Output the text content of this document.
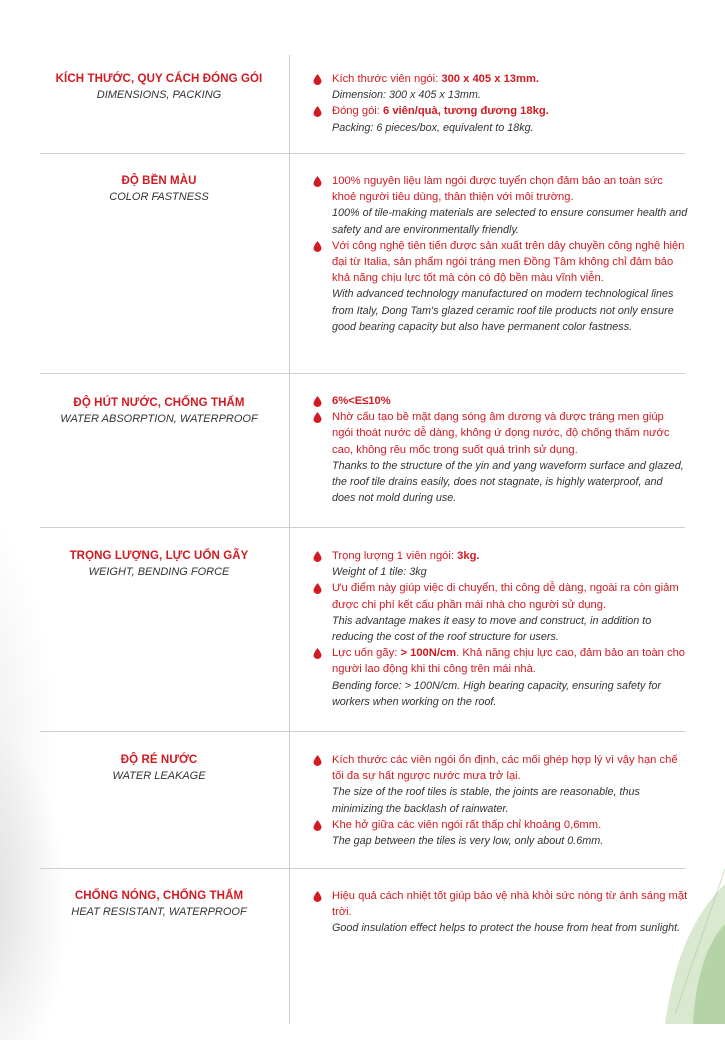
KÍCH THƯỚC, QUY CÁCH ĐÓNG GÓI
DIMENSIONS, PACKING

Kích thước viên ngói: 300 x 405 x 13mm.

Dimension: 300 x 405 x 13mm.

Đóng gói: 6 viên/quà, tương đương 18kg.

Packing: 6 pieces/box, equivalent to 18kg.

ĐỘ BỀN MÀU
COLOR FASTNESS

100% nguyên liệu làm ngói được tuyển chọn đảm bảo an toàn sức khoẻ người tiêu dùng, thân thiện với môi trường.

100% of tile-making materials are selected to ensure consumer health and safety and are environmentally friendly.

Với công nghệ tiên tiến được sản xuất trên dây chuyền công nghệ hiện đại từ Italia, sản phẩm ngói tráng men Đồng Tâm không chỉ đảm bảo khả năng chịu lực tốt mà còn có độ bền màu vĩnh viễn.

With advanced technology manufactured on modern technological lines from Italy, Dong Tam's glazed ceramic roof tile products not only ensure good bearing capacity but also have permanent color fastness.

ĐỘ HÚT NƯỚC, CHỐNG THẤM
WATER ABSORPTION, WATERPROOF

6%<E≤10%

Nhờ cấu tạo bề mặt dạng sóng âm dương và được tráng men giúp ngói thoát nước dễ dàng, không ứ đọng nước, độ chống thấm nước cao, không rêu mốc trong suốt quá trình sử dụng.

Thanks to the structure of the yin and yang waveform surface and glazed, the roof tile drains easily, does not stagnate, is highly waterproof, and does not mold during use.

TRỌNG LƯỢNG, LỰC UỐN GÃY
WEIGHT, BENDING FORCE

Trọng lượng 1 viên ngói: 3kg.

Weight of 1 tile: 3kg

Ưu điểm này giúp việc di chuyển, thi công dễ dàng, ngoài ra còn giảm được chi phí kết cấu phần mái nhà cho người sử dụng.

This advantage makes it easy to move and construct, in addition to reducing the cost of the roof structure for users.

Lực uốn gãy: > 100N/cm. Khả năng chịu lực cao, đảm bảo an toàn cho người lao động khi thi công trên mái nhà.

Bending force: > 100N/cm. High bearing capacity, ensuring safety for workers when working on the roof.

ĐỘ RÉ NƯỚC
WATER LEAKAGE

Kích thước các viên ngói ổn định, các mối ghép hợp lý vì vậy hạn chế tối đa sự hất ngược nước mưa trở lại.

The size of the roof tiles is stable, the joints are reasonable, thus minimizing the backlash of rainwater.

Khe hở giữa các viên ngói rất thấp chỉ khoảng 0,6mm.

The gap between the tiles is very low, only about 0.6mm.

CHỐNG NÓNG, CHỐNG THẤM
HEAT RESISTANT, WATERPROOF

Hiệu quả cách nhiệt tốt giúp bảo vệ nhà khỏi sức nóng từ ánh sáng mặt trời.

Good insulation effect helps to protect the house from heat from sunlight.
